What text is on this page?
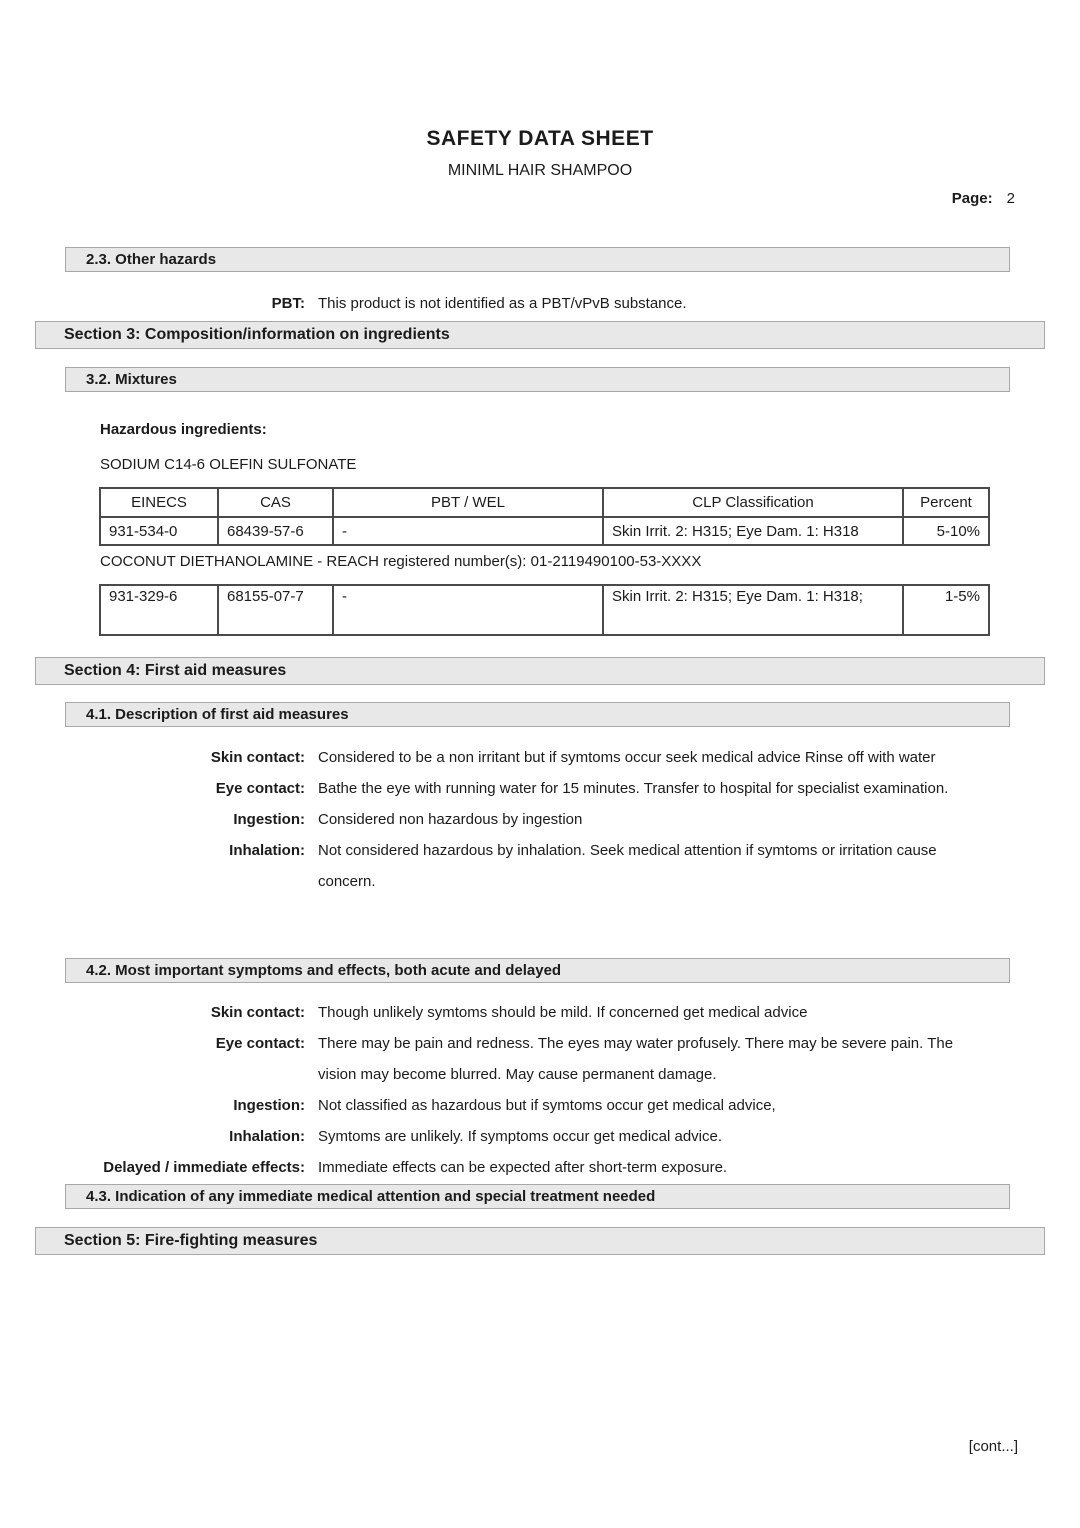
SAFETY DATA SHEET
MINIML HAIR SHAMPOO
Page: 2
2.3. Other hazards
PBT: This product is not identified as a PBT/vPvB substance.
Section 3: Composition/information on ingredients
3.2. Mixtures
Hazardous ingredients:
SODIUM C14-6 OLEFIN SULFONATE
EINECS	CAS	PBT / WEL	CLP Classification	Percent
931-534-0	68439-57-6	-	Skin Irrit. 2: H315; Eye Dam. 1: H318	5-10%
COCONUT DIETHANOLAMINE - REACH registered number(s): 01-2119490100-53-XXXX
931-329-6	68155-07-7	-	Skin Irrit. 2: H315; Eye Dam. 1: H318;	1-5%
Section 4: First aid measures
4.1. Description of first aid measures
Skin contact: Considered to be a non irritant but if symtoms occur seek medical advice Rinse off with water
Eye contact: Bathe the eye with running water for 15 minutes. Transfer to hospital for specialist examination.
Ingestion: Considered non hazardous by ingestion
Inhalation: Not considered hazardous by inhalation. Seek medical attention if symtoms or irritation cause concern.
4.2. Most important symptoms and effects, both acute and delayed
Skin contact: Though unlikely symtoms should be mild. If concerned get medical advice
Eye contact: There may be pain and redness. The eyes may water profusely. There may be severe pain. The vision may become blurred. May cause permanent damage.
Ingestion: Not classified as hazardous but if symtoms occur get medical advice,
Inhalation: Symtoms are unlikely. If symptoms occur get medical advice.
Delayed / immediate effects: Immediate effects can be expected after short-term exposure.
4.3. Indication of any immediate medical attention and special treatment needed
Section 5: Fire-fighting measures
[cont...]
